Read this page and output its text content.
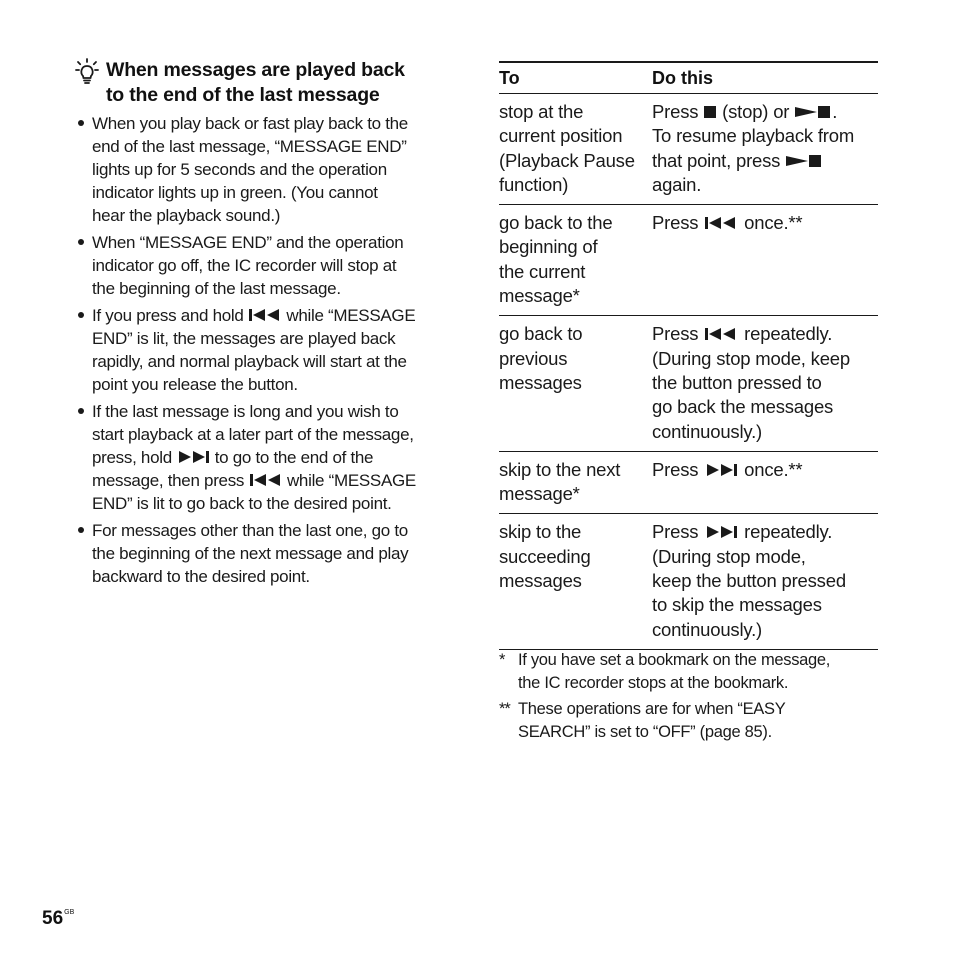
When messages are played back
to the end of the last message
When you play back or fast play back to the
end of the last message, “MESSAGE END”
lights up for 5 seconds and the operation
indicator lights up in green. (You cannot
hear the playback sound.)
When “MESSAGE END” and the operation
indicator go off, the IC recorder will stop at
the beginning of the last message.
If you press and hold  while “MESSAGE
END” is lit, the messages are played back
rapidly, and normal playback will start at the
point you release the button.
If the last message is long and you wish to
start playback at a later part of the message,
press, hold  to go to the end of the
message, then press  while “MESSAGE
END” is lit to go back to the desired point.
For messages other than the last one, go to
the beginning of the next message and play
backward to the desired point.
To	Do this
stop at the
current position
(Playback Pause
function)
Press  (stop) or .
To resume playback from
that point, press
again.
go back to the
beginning of
the current
message*
Press  once.**
go back to
previous
messages
Press  repeatedly.
(During stop mode, keep
the button pressed to
go back the messages
continuously.)
skip to the next
message*
Press  once.**
skip to the
succeeding
messages
Press  repeatedly.
(During stop mode,
keep the button pressed
to skip the messages
continuously.)
* If you have set a bookmark on the message,
the IC recorder stops at the bookmark.
** These operations are for when “EASY
SEARCH” is set to “OFF” (page 85).
$56^{GB}$
